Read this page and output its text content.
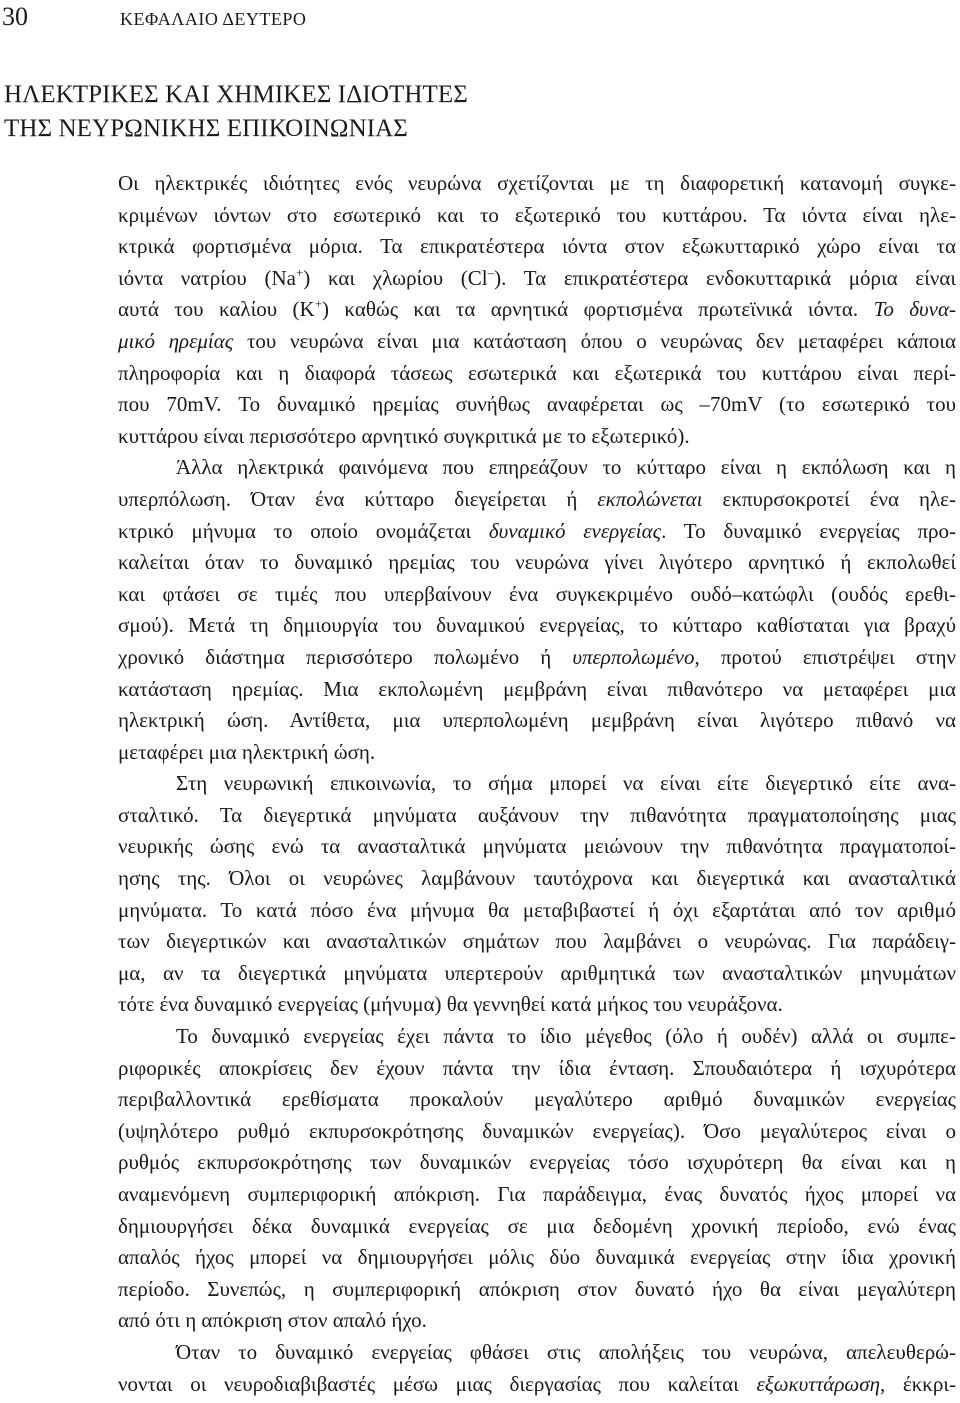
30	ΚΕΦΑΛΑΙΟ ΔΕΥΤΕΡΟ
ΗΛΕΚΤΡΙΚΕΣ ΚΑΙ ΧΗΜΙΚΕΣ ΙΔΙΟΤΗΤΕΣ
ΤΗΣ ΝΕΥΡΩΝΙΚΗΣ ΕΠΙΚΟΙΝΩΝΙΑΣ
Οι ηλεκτρικές ιδιότητες ενός νευρώνα σχετίζονται με τη διαφορετική κατανομή συγκε-
κριμένων ιόντων στο εσωτερικό και το εξωτερικό του κυττάρου. Τα ιόντα είναι ηλε-
κτρικά φορτισμένα μόρια. Τα επικρατέστερα ιόντα στον εξωκυτταρικό χώρο είναι τα
ιόντα νατρίου (Na+) και χλωρίου (Cl–). Τα επικρατέστερα ενδοκυτταρικά μόρια είναι
αυτά του καλίου (Κ+) καθώς και τα αρνητικά φορτισμένα πρωτεϊνικά ιόντα. Το δυνα-
μικό ηρεμίας του νευρώνα είναι μια κατάσταση όπου ο νευρώνας δεν μεταφέρει κάποια
πληροφορία και η διαφορά τάσεως εσωτερικά και εξωτερικά του κυττάρου είναι περί-
που 70mV. Το δυναμικό ηρεμίας συνήθως αναφέρεται ως –70mV (το εσωτερικό του
κυττάρου είναι περισσότερο αρνητικό συγκριτικά με το εξωτερικό).
Άλλα ηλεκτρικά φαινόμενα που επηρεάζουν το κύτταρο είναι η εκπόλωση και η
υπερπόλωση. Όταν ένα κύτταρο διεγείρεται ή εκπολώνεται εκπυρσοκροτεί ένα ηλε-
κτρικό μήνυμα το οποίο ονομάζεται δυναμικό ενεργείας. Το δυναμικό ενεργείας προ-
καλείται όταν το δυναμικό ηρεμίας του νευρώνα γίνει λιγότερο αρνητικό ή εκπολωθεί
και φτάσει σε τιμές που υπερβαίνουν ένα συγκεκριμένο ουδό–κατώφλι (ουδός ερεθι-
σμού). Μετά τη δημιουργία του δυναμικού ενεργείας, το κύτταρο καθίσταται για βραχύ
χρονικό διάστημα περισσότερο πολωμένο ή υπερπολωμένο, προτού επιστρέψει στην
κατάσταση ηρεμίας. Μια εκπολωμένη μεμβράνη είναι πιθανότερο να μεταφέρει μια
ηλεκτρική ώση. Αντίθετα, μια υπερπολωμένη μεμβράνη είναι λιγότερο πιθανό να
μεταφέρει μια ηλεκτρική ώση.
Στη νευρωνική επικοινωνία, το σήμα μπορεί να είναι είτε διεγερτικό είτε ανα-
σταλτικό. Τα διεγερτικά μηνύματα αυξάνουν την πιθανότητα πραγματοποίησης μιας
νευρικής ώσης ενώ τα ανασταλτικά μηνύματα μειώνουν την πιθανότητα πραγματοποί-
ησης της. Όλοι οι νευρώνες λαμβάνουν ταυτόχρονα και διεγερτικά και ανασταλτικά
μηνύματα. Το κατά πόσο ένα μήνυμα θα μεταβιβαστεί ή όχι εξαρτάται από τον αριθμό
των διεγερτικών και ανασταλτικών σημάτων που λαμβάνει ο νευρώνας. Για παράδειγ-
μα, αν τα διεγερτικά μηνύματα υπερτερούν αριθμητικά των ανασταλτικών μηνυμάτων
τότε ένα δυναμικό ενεργείας (μήνυμα) θα γεννηθεί κατά μήκος του νευράξονα.
Το δυναμικό ενεργείας έχει πάντα το ίδιο μέγεθος (όλο ή ουδέν) αλλά οι συμπε-
ριφορικές αποκρίσεις δεν έχουν πάντα την ίδια ένταση. Σπουδαιότερα ή ισχυρότερα
περιβαλλοντικά ερεθίσματα προκαλούν μεγαλύτερο αριθμό δυναμικών ενεργείας
(υψηλότερο ρυθμό εκπυρσοκρότησης δυναμικών ενεργείας). Όσο μεγαλύτερος είναι ο
ρυθμός εκπυρσοκρότησης των δυναμικών ενεργείας τόσο ισχυρότερη θα είναι και η
αναμενόμενη συμπεριφορική απόκριση. Για παράδειγμα, ένας δυνατός ήχος μπορεί να
δημιουργήσει δέκα δυναμικά ενεργείας σε μια δεδομένη χρονική περίοδο, ενώ ένας
απαλός ήχος μπορεί να δημιουργήσει μόλις δύο δυναμικά ενεργείας στην ίδια χρονική
περίοδο. Συνεπώς, η συμπεριφορική απόκριση στον δυνατό ήχο θα είναι μεγαλύτερη
από ότι η απόκριση στον απαλό ήχο.
Όταν το δυναμικό ενεργείας φθάσει στις απολήξεις του νευρώνα, απελευθερώ-
νονται οι νευροδιαβιβαστές μέσω μιας διεργασίας που καλείται εξωκυττάρωση, έκκρι-
